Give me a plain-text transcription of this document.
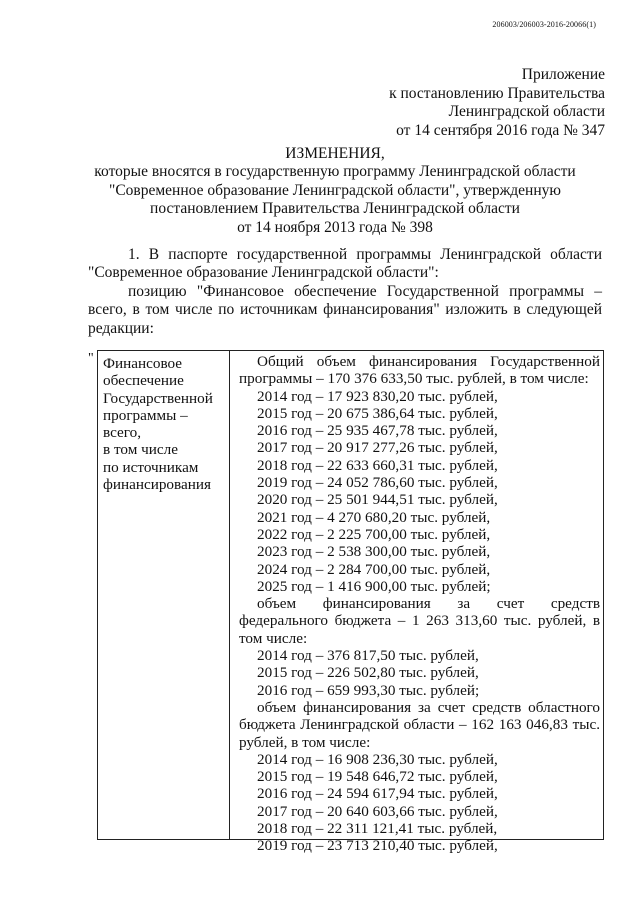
206003/206003-2016-20066(1)
Приложение
к постановлению Правительства
Ленинградской области
от 14 сентября 2016 года № 347
ИЗМЕНЕНИЯ,
которые вносятся в государственную программу Ленинградской области
"Современное образование Ленинградской области", утвержденную
постановлением Правительства Ленинградской области
от 14 ноября 2013 года № 398

1. В паспорте государственной программы Ленинградской области "Современное образование Ленинградской области":

позицию "Финансовое обеспечение Государственной программы – всего, в том числе по источникам финансирования" изложить в следующей редакции:

" Финансовое
обеспечение
Государственной
программы –
всего,
в том числе
по источникам
финансирования
Общий объем финансирования Государственной
программы – 170 376 633,50 тыс. рублей, в том числе:
2014 год – 17 923 830,20 тыс. рублей,
2015 год – 20 675 386,64 тыс. рублей,
2016 год – 25 935 467,78 тыс. рублей,
2017 год – 20 917 277,26 тыс. рублей,
2018 год – 22 633 660,31 тыс. рублей,
2019 год – 24 052 786,60 тыс. рублей,
2020 год – 25 501 944,51 тыс. рублей,
2021 год – 4 270 680,20 тыс. рублей,
2022 год – 2 225 700,00 тыс. рублей,
2023 год – 2 538 300,00 тыс. рублей,
2024 год – 2 284 700,00 тыс. рублей,
2025 год – 1 416 900,00 тыс. рублей;
объем финансирования за счет средств федерального бюджета – 1 263 313,60 тыс. рублей, в том числе:
2014 год – 376 817,50 тыс. рублей,
2015 год – 226 502,80 тыс. рублей,
2016 год – 659 993,30 тыс. рублей;
объем финансирования за счет средств областного бюджета Ленинградской области – 162 163 046,83 тыс. рублей, в том числе:
2014 год – 16 908 236,30 тыс. рублей,
2015 год – 19 548 646,72 тыс. рублей,
2016 год – 24 594 617,94 тыс. рублей,
2017 год – 20 640 603,66 тыс. рублей,
2018 год – 22 311 121,41 тыс. рублей,
2019 год – 23 713 210,40 тыс. рублей,
